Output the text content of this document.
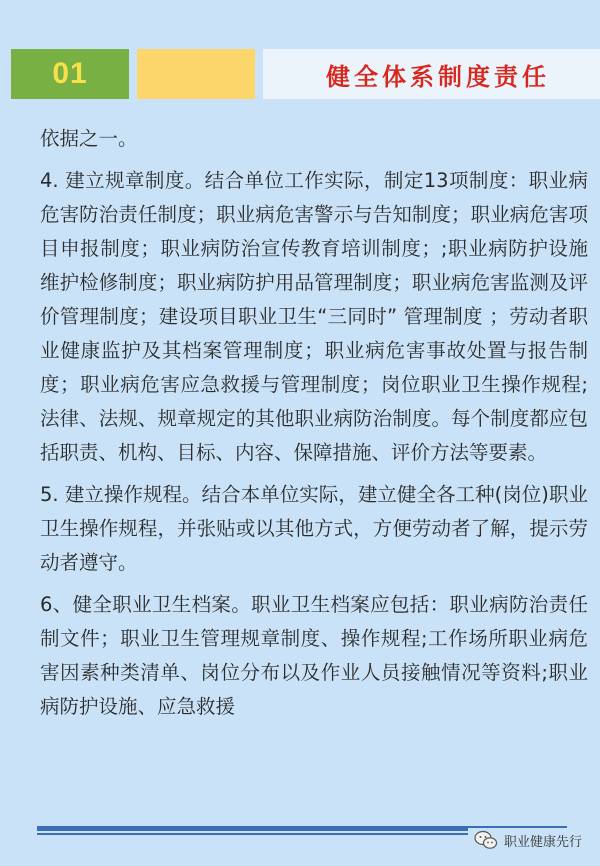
01	健全体系制度责任

依据之一。

4. 建立规章制度。结合单位工作实际，制定13项制度：职业病危害防治责任制度；职业病危害警示与告知制度；职业病危害项目申报制度；职业病防治宣传教育培训制度；;职业病防护设施维护检修制度；职业病防护用品管理制度；职业病危害监测及评价管理制度；建设项目职业卫生“三同时” 管理制度 ；劳动者职业健康监护及其档案管理制度；职业病危害事故处置与报告制度；职业病危害应急救援与管理制度；岗位职业卫生操作规程;法律、法规、规章规定的其他职业病防治制度。每个制度都应包括职责、机构、目标、内容、保障措施、评价方法等要素。

5. 建立操作规程。结合本单位实际，建立健全各工种(岗位)职业卫生操作规程，并张贴或以其他方式，方便劳动者了解，提示劳动者遵守。

6、健全职业卫生档案。职业卫生档案应包括：职业病防治责任制文件；职业卫生管理规章制度、操作规程;工作场所职业病危害因素种类清单、岗位分布以及作业人员接触情况等资料;职业病防护设施、应急救援

职业健康先行
